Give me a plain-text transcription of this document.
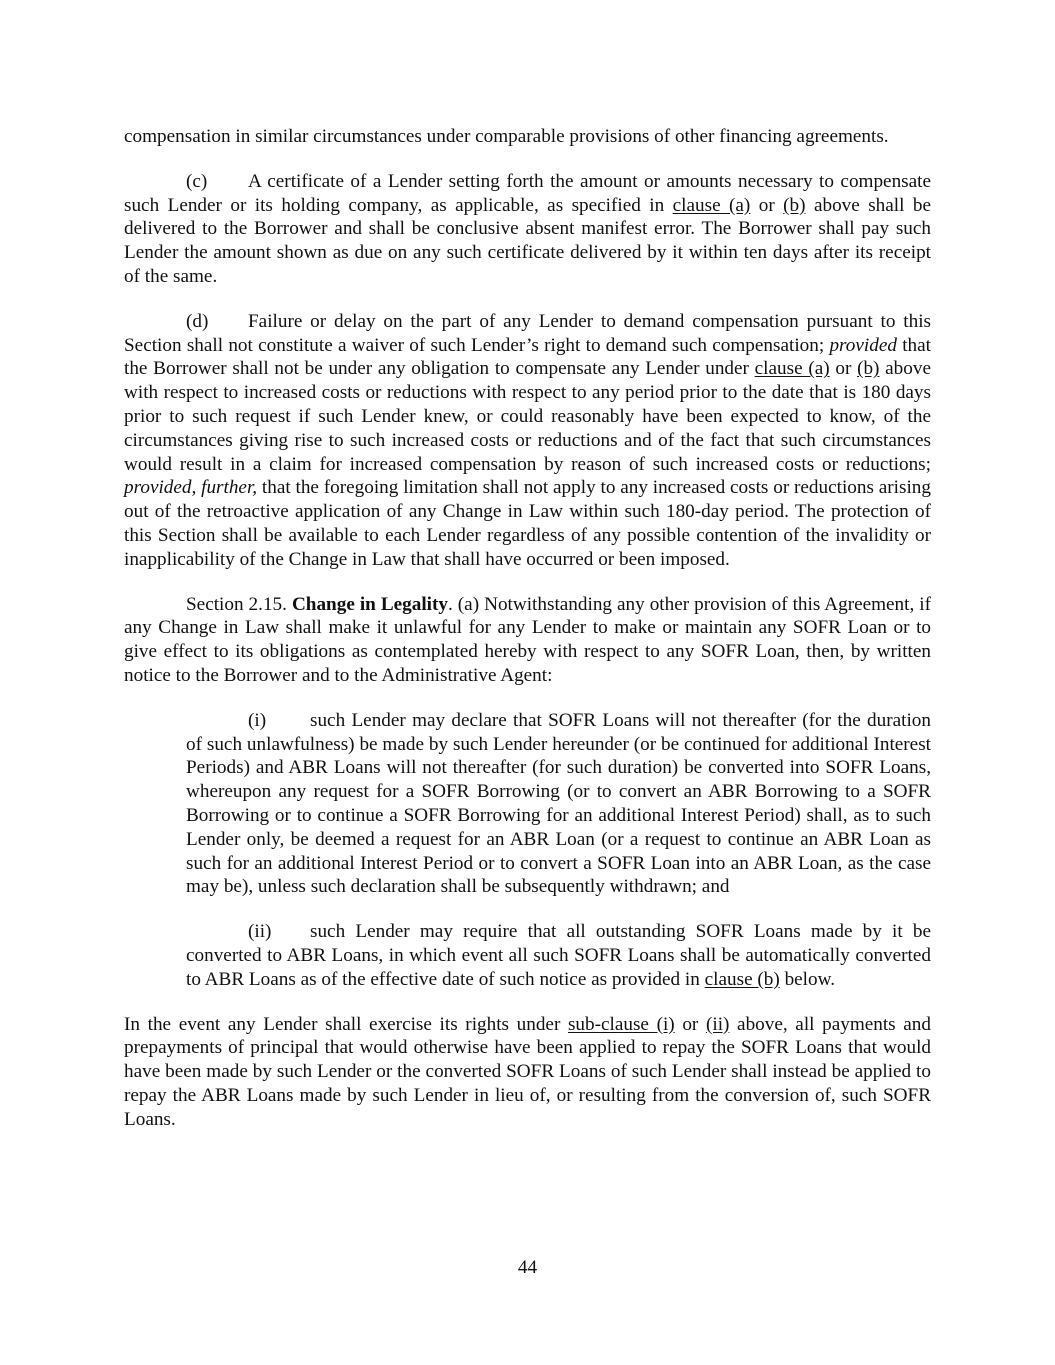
compensation in similar circumstances under comparable provisions of other financing agreements.

(c) A certificate of a Lender setting forth the amount or amounts necessary to compensate such Lender or its holding company, as applicable, as specified in clause (a) or (b) above shall be delivered to the Borrower and shall be conclusive absent manifest error. The Borrower shall pay such Lender the amount shown as due on any such certificate delivered by it within ten days after its receipt of the same.

(d) Failure or delay on the part of any Lender to demand compensation pursuant to this Section shall not constitute a waiver of such Lender’s right to demand such compensation; provided that the Borrower shall not be under any obligation to compensate any Lender under clause (a) or (b) above with respect to increased costs or reductions with respect to any period prior to the date that is 180 days prior to such request if such Lender knew, or could reasonably have been expected to know, of the circumstances giving rise to such increased costs or reductions and of the fact that such circumstances would result in a claim for increased compensation by reason of such increased costs or reductions; provided, further, that the foregoing limitation shall not apply to any increased costs or reductions arising out of the retroactive application of any Change in Law within such 180-day period. The protection of this Section shall be available to each Lender regardless of any possible contention of the invalidity or inapplicability of the Change in Law that shall have occurred or been imposed.

Section 2.15. Change in Legality. (a) Notwithstanding any other provision of this Agreement, if any Change in Law shall make it unlawful for any Lender to make or maintain any SOFR Loan or to give effect to its obligations as contemplated hereby with respect to any SOFR Loan, then, by written notice to the Borrower and to the Administrative Agent:

(i) such Lender may declare that SOFR Loans will not thereafter (for the duration of such unlawfulness) be made by such Lender hereunder (or be continued for additional Interest Periods) and ABR Loans will not thereafter (for such duration) be converted into SOFR Loans, whereupon any request for a SOFR Borrowing (or to convert an ABR Borrowing to a SOFR Borrowing or to continue a SOFR Borrowing for an additional Interest Period) shall, as to such Lender only, be deemed a request for an ABR Loan (or a request to continue an ABR Loan as such for an additional Interest Period or to convert a SOFR Loan into an ABR Loan, as the case may be), unless such declaration shall be subsequently withdrawn; and

(ii) such Lender may require that all outstanding SOFR Loans made by it be converted to ABR Loans, in which event all such SOFR Loans shall be automatically converted to ABR Loans as of the effective date of such notice as provided in clause (b) below.

In the event any Lender shall exercise its rights under sub-clause (i) or (ii) above, all payments and prepayments of principal that would otherwise have been applied to repay the SOFR Loans that would have been made by such Lender or the converted SOFR Loans of such Lender shall instead be applied to repay the ABR Loans made by such Lender in lieu of, or resulting from the conversion of, such SOFR Loans.

44
